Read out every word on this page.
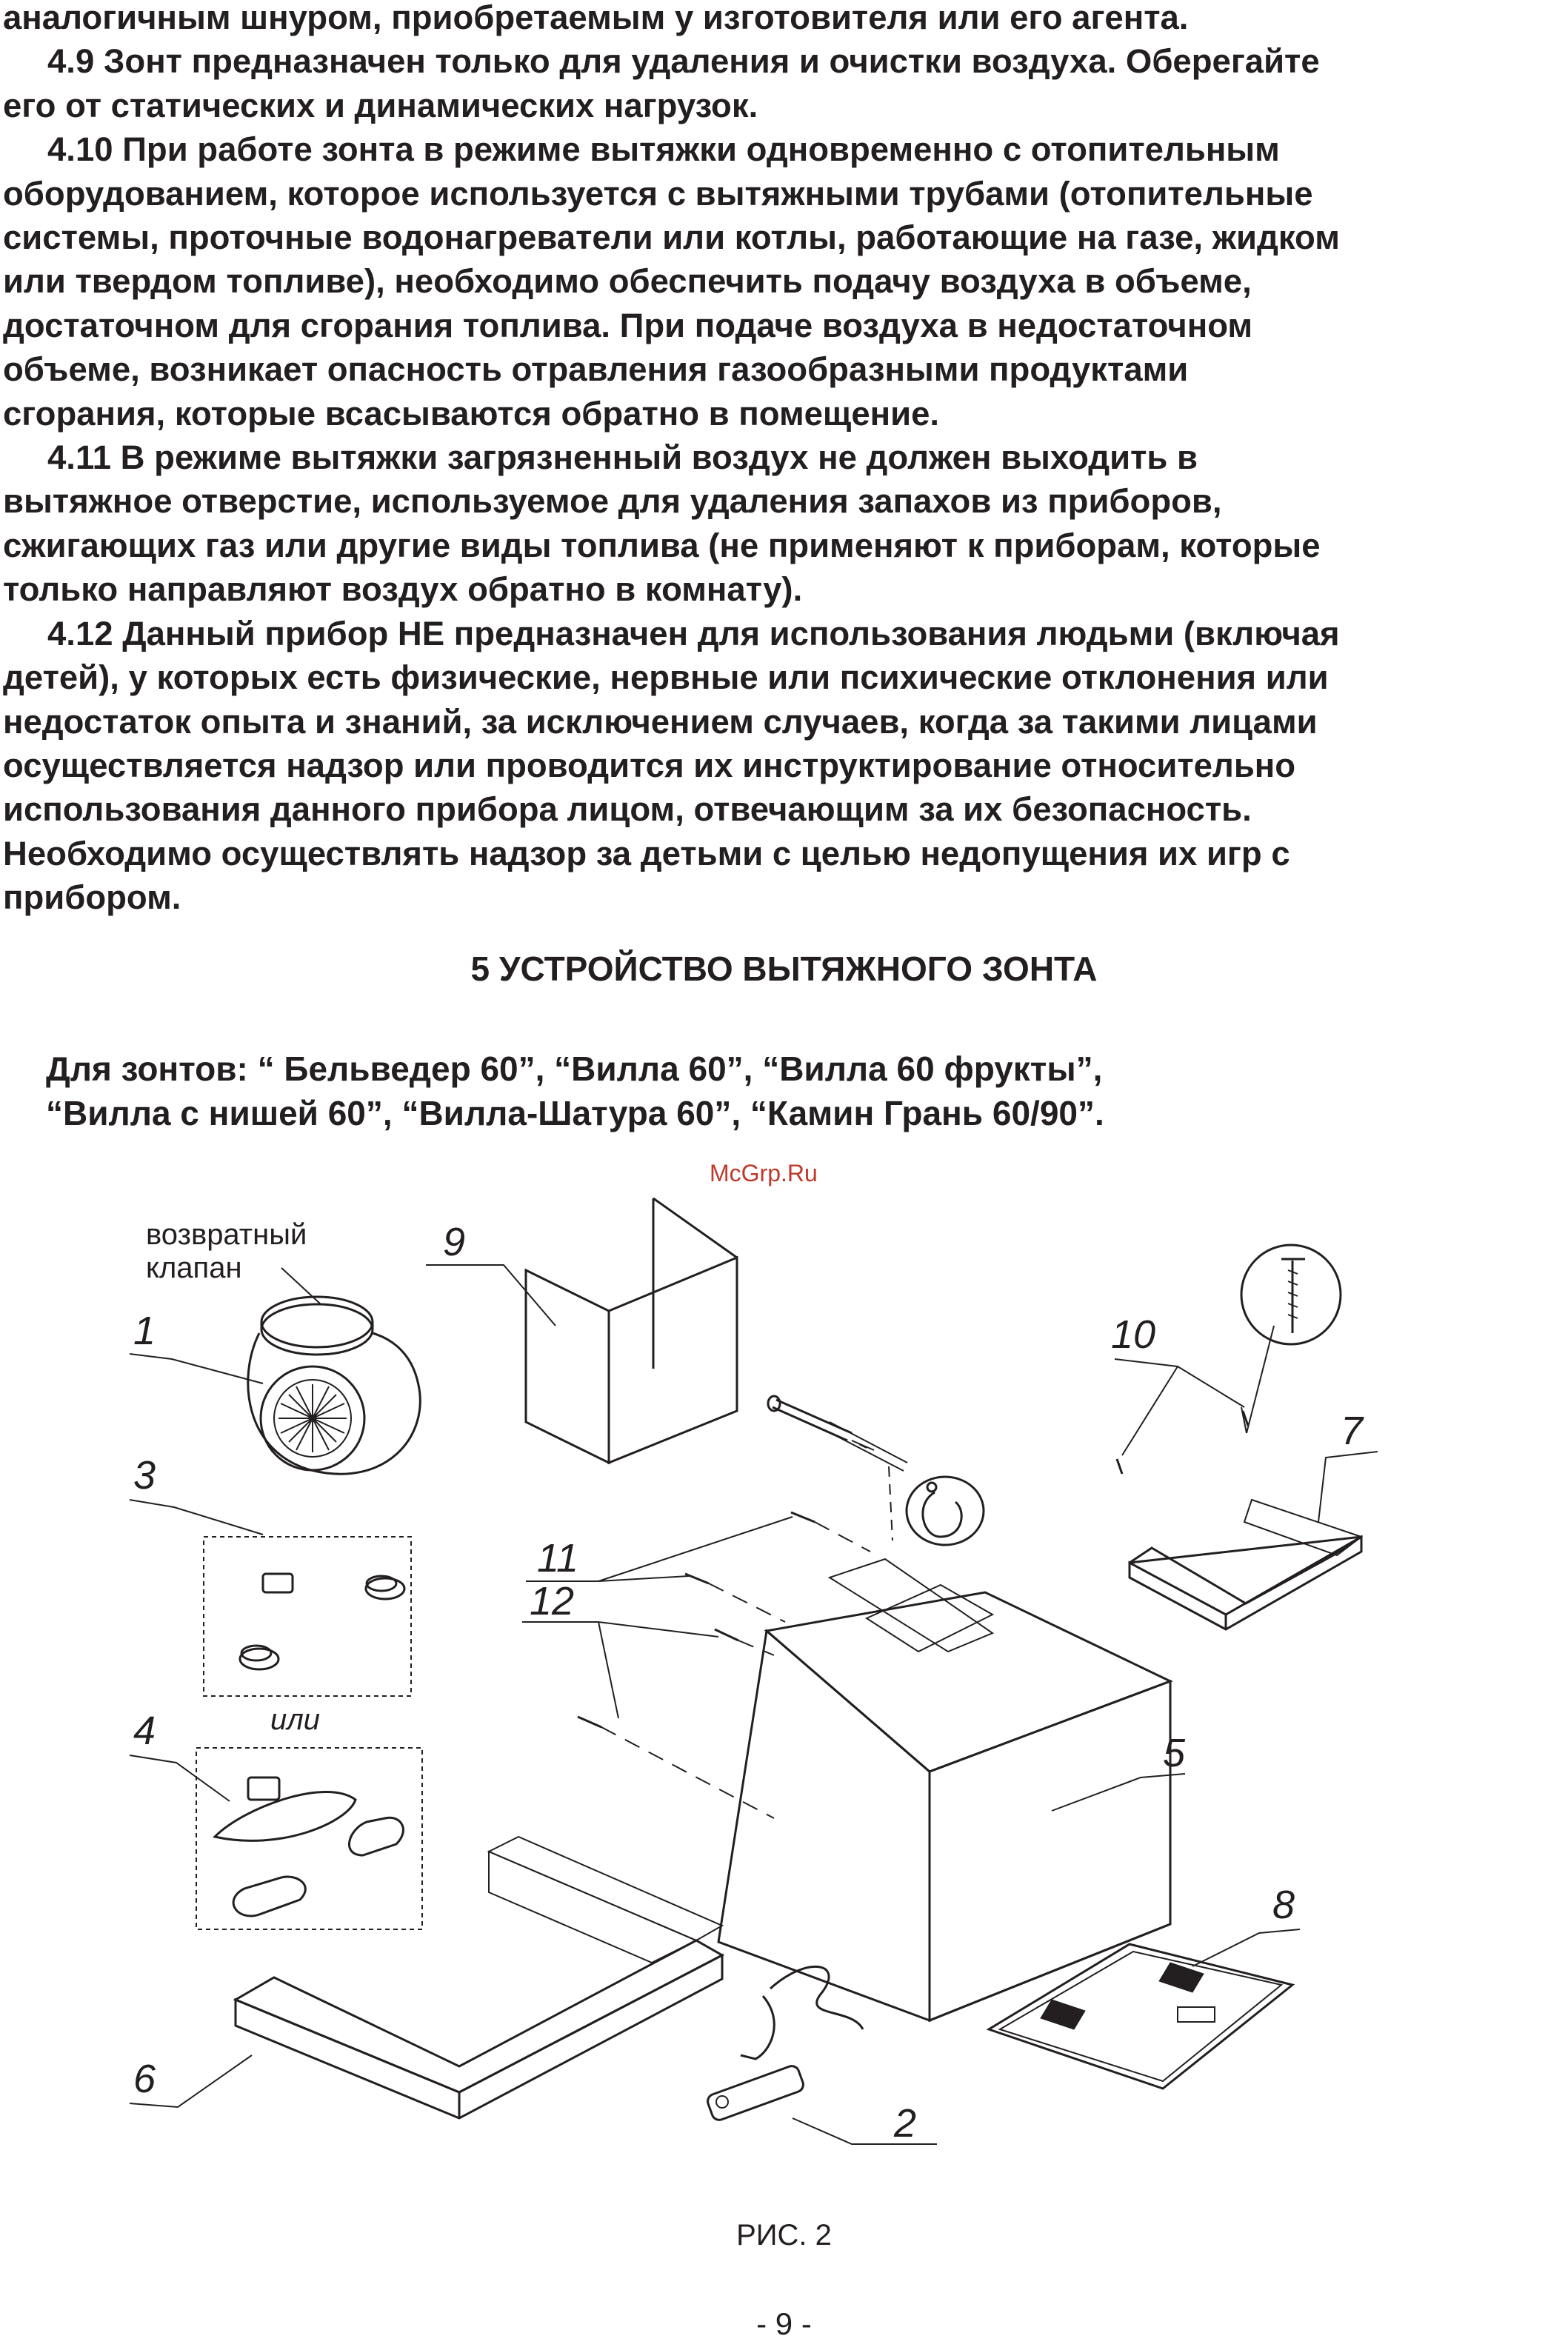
аналогичным шнуром, приобретаемым у изготовителя или его агента.
4.9 Зонт предназначен только для удаления и очистки воздуха. Оберегайте
его от статических и динамических нагрузок.
4.10 При работе зонта в режиме вытяжки одновременно с отопительным
оборудованием, которое используется с вытяжными трубами (отопительные
системы, проточные водонагреватели или котлы, работающие на газе, жидком
или твердом топливе), необходимо обеспечить подачу воздуха в объеме,
достаточном для сгорания топлива. При подаче воздуха в недостаточном
объеме, возникает опасность отравления газообразными продуктами
сгорания, которые всасываются обратно в помещение.
4.11 В режиме вытяжки загрязненный воздух не должен выходить в
вытяжное отверстие, используемое для удаления запахов из приборов,
сжигающих газ или другие виды топлива (не применяют к приборам, которые
только направляют воздух обратно в комнату).
4.12 Данный прибор НЕ предназначен для использования людьми (включая
детей), у которых есть физические, нервные или психические отклонения или
недостаток опыта и знаний, за исключением случаев, когда за такими лицами
осуществляется надзор или проводится их инструктирование относительно
использования данного прибора лицом, отвечающим за их безопасность.
Необходимо осуществлять надзор за детьми с целью недопущения их игр с
прибором.
5 УСТРОЙСТВО ВЫТЯЖНОГО ЗОНТА
Для зонтов: “ Бельведер 60”, “Вилла 60”, “Вилла 60 фрукты”,
“Вилла с нишей 60”, “Вилла-Шатура 60”, “Камин Грань 60/90”.
McGrp.Ru
возвратный
клапан
1
9
10
7
3
или
4
11
12
5
6
8
2
РИС. 2
- 9 -
